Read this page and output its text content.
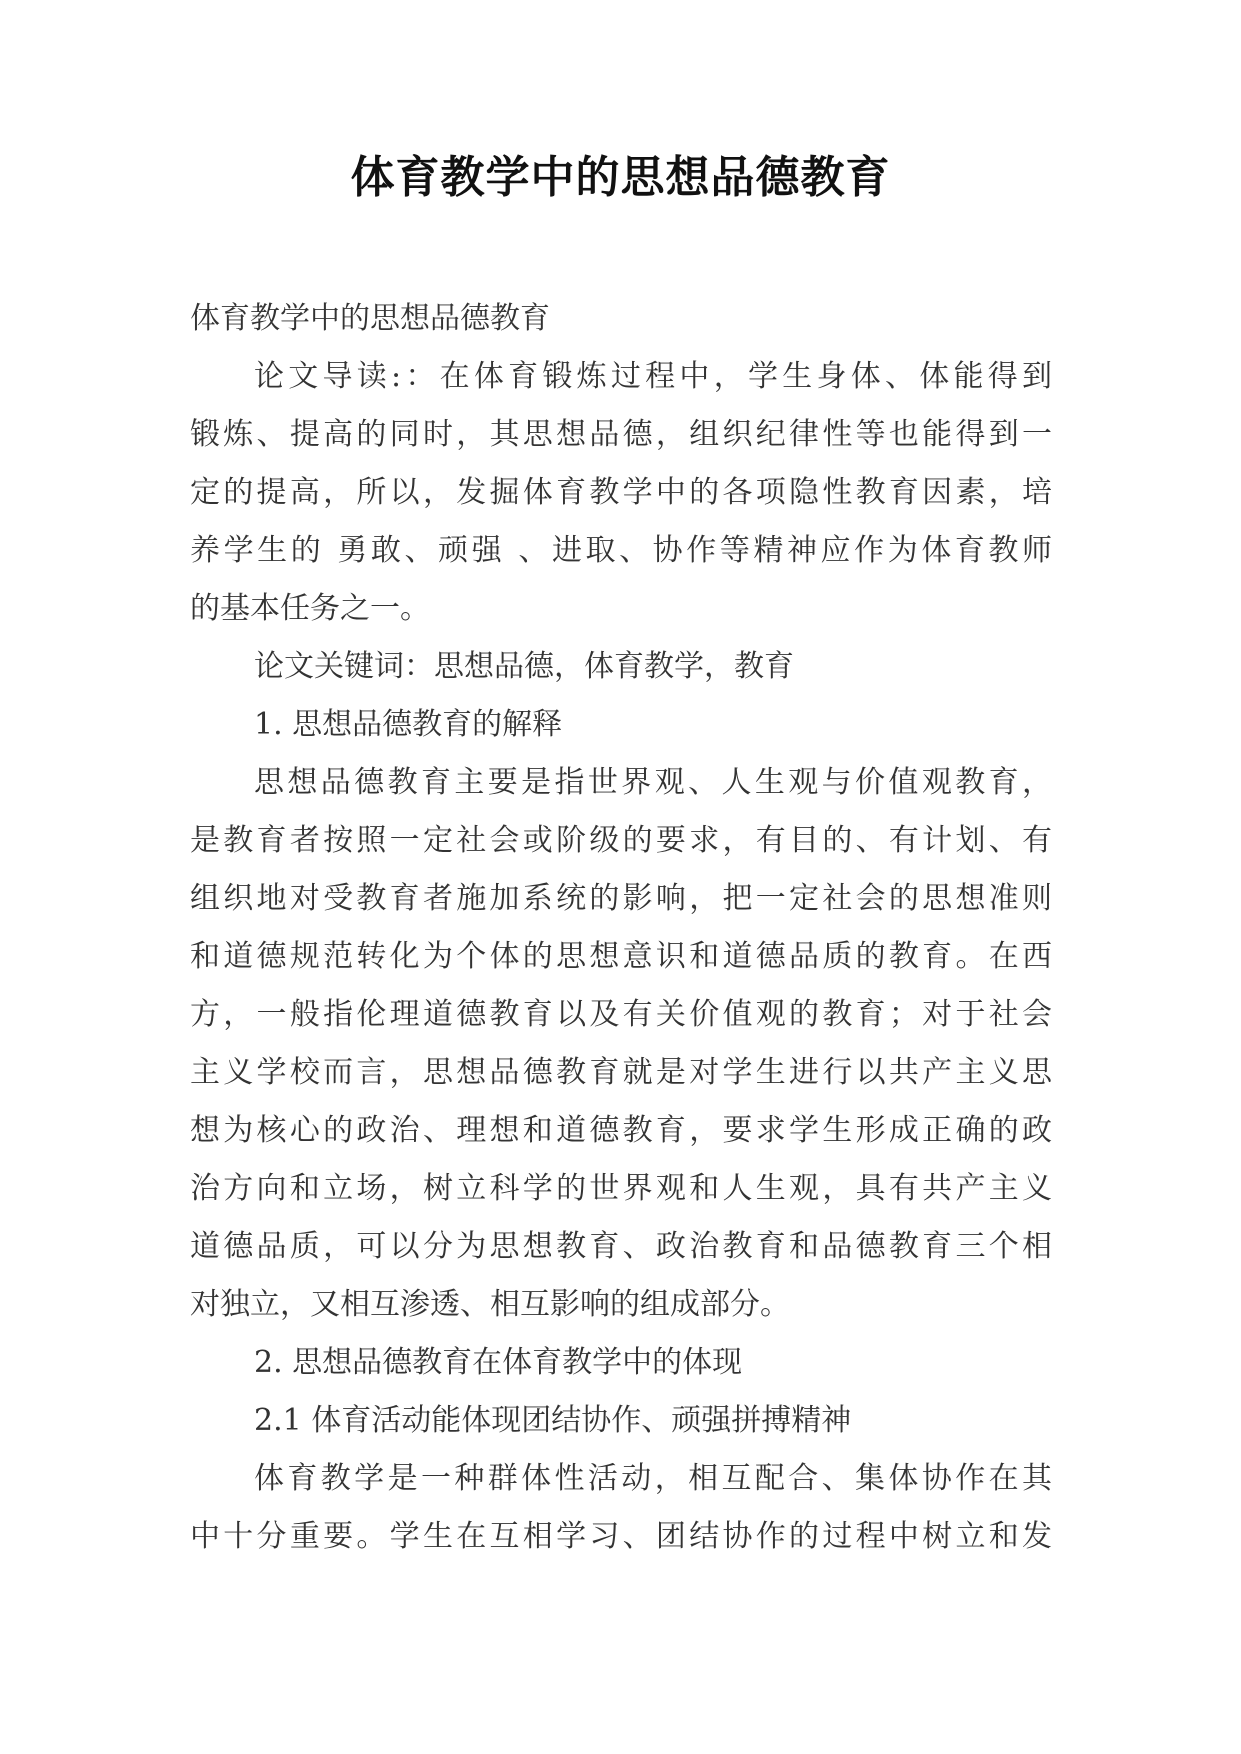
体育教学中的思想品德教育
体育教学中的思想品德教育
论文导读:：在体育锻炼过程中，学生身体、体能得到
锻炼、提高的同时，其思想品德，组织纪律性等也能得到一
定的提高，所以，发掘体育教学中的各项隐性教育因素，培
养学生的 勇敢、顽强 、进取、协作等精神应作为体育教师
的基本任务之一。
论文关键词：思想品德，体育教学，教育
1. 思想品德教育的解释
思想品德教育主要是指世界观、人生观与价值观教育，
是教育者按照一定社会或阶级的要求，有目的、有计划、有
组织地对受教育者施加系统的影响，把一定社会的思想准则
和道德规范转化为个体的思想意识和道德品质的教育。在西
方，一般指伦理道德教育以及有关价值观的教育；对于社会
主义学校而言，思想品德教育就是对学生进行以共产主义思
想为核心的政治、理想和道德教育，要求学生形成正确的政
治方向和立场，树立科学的世界观和人生观，具有共产主义
道德品质，可以分为思想教育、政治教育和品德教育三个相
对独立，又相互渗透、相互影响的组成部分。
2. 思想品德教育在体育教学中的体现
2.1 体育活动能体现团结协作、顽强拼搏精神
体育教学是一种群体性活动，相互配合、集体协作在其
中十分重要。学生在互相学习、团结协作的过程中树立和发
